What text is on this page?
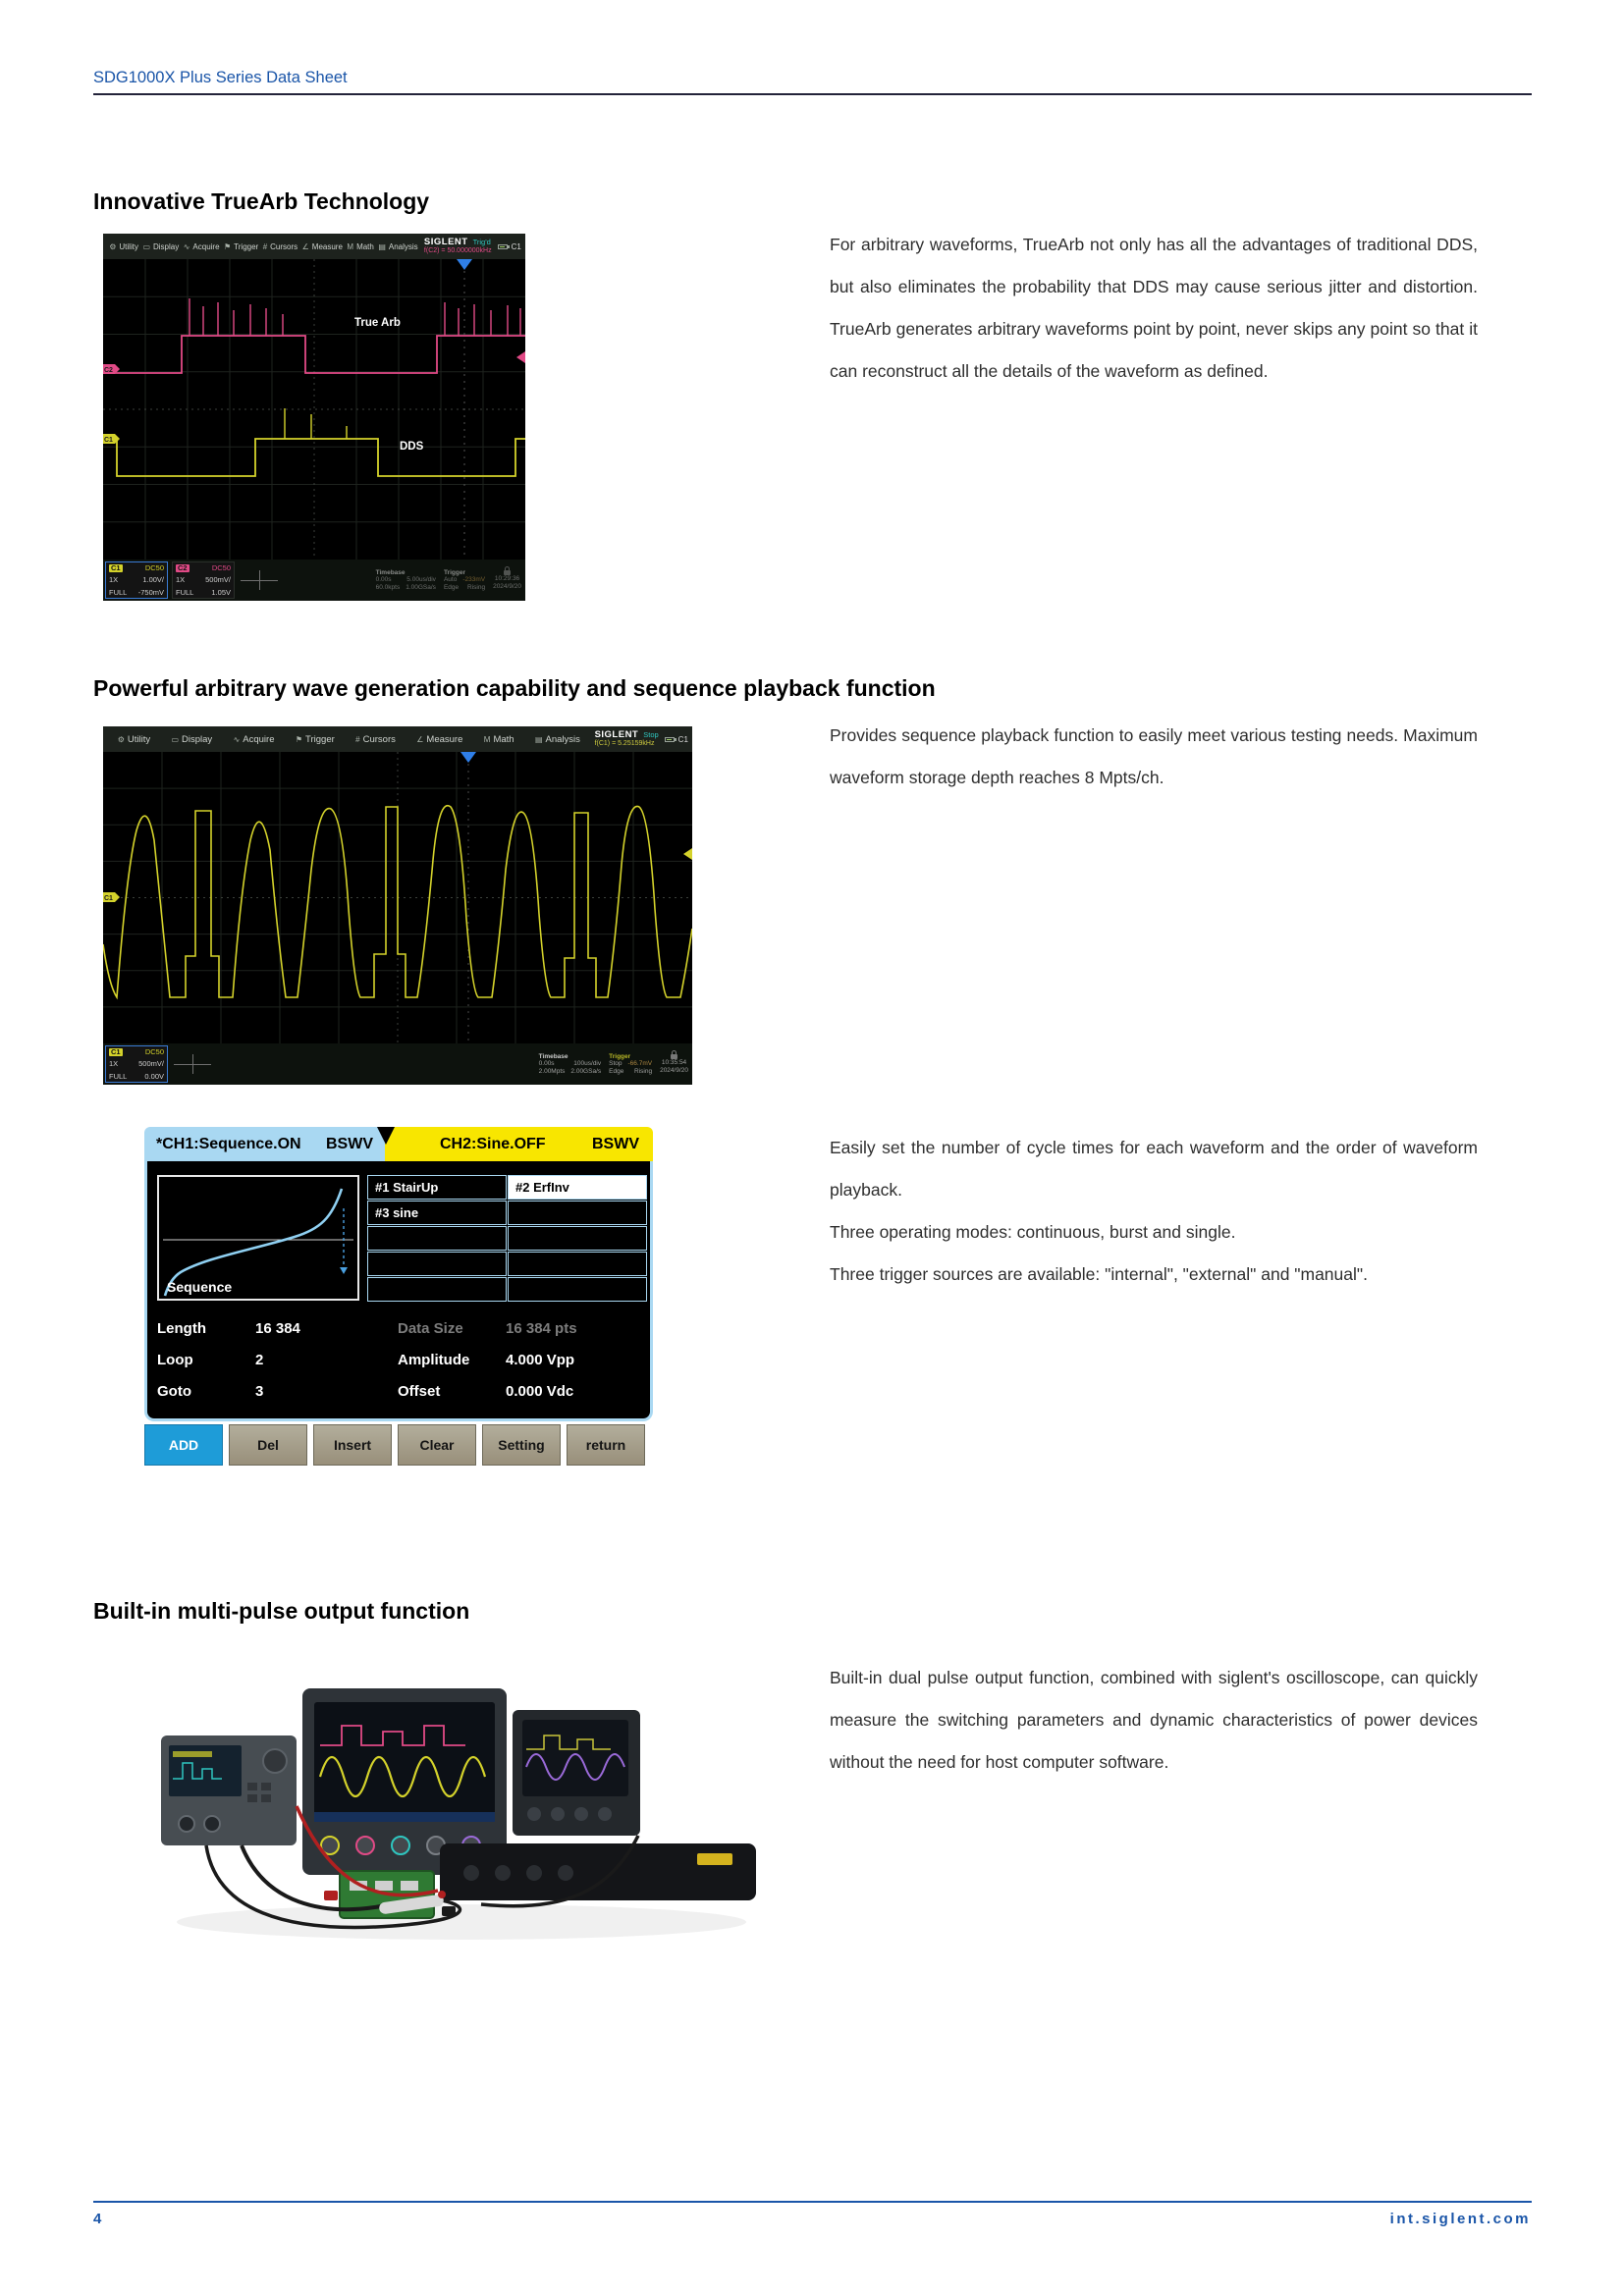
SDG1000X Plus Series Data Sheet
Innovative TrueArb Technology
⚙ Utility ▭ Display ∿ Acquire ⚑ Trigger # Cursors ∠ Measure M Math ▤ Analysis SIGLENT Trig'd
f(C2) = 50.000000kHz
C1
C2
C1
True Arb
DDS
C1	DC50
1X	1.00V/
FULL -750mV
C2	DC50
1X	500mV/
FULL 1.05V
Timebase
0.00s 5.00us/div
60.0kpts 1.00GSa/s
Trigger
Auto -233mV
Edge Rising
10:29:36
2024/9/20

For arbitrary waveforms, TrueArb not only has all the advantages of traditional DDS, but also eliminates the probability that DDS may cause serious jitter and distortion. TrueArb generates arbitrary waveforms point by point, never skips any point so that it can reconstruct all the details of the waveform as defined.

Powerful arbitrary wave generation capability and sequence playback function
⚙ Utility	▭ Display	∿ Acquire	⚑ Trigger	# Cursors	∠ Measure	M Math	▤ Analysis SIGLENT Stop
f(C1) = 5.25159kHz
C1
C1
C1	DC50
1X	500mV/
FULL 0.00V
Timebase
0.00s	100us/div
2.00Mpts 2.00GSa/s
Trigger
Stop -66.7mV
Edge Rising
10:35:54
2024/9/20

Provides sequence playback function to easily meet various testing needs. Maximum waveform storage depth reaches 8 Mpts/ch.

*CH1:Sequence.ON BSWV	CH2:Sine.OFF	BSWV
Sequence
#1 StairUp	#2 ErfInv
#3 sine
Length	16 384	Data Size	16 384 pts
Loop	2	Amplitude	4.000 Vpp
Goto	3	Offset	0.000 Vdc
ADD	Del	Insert	Clear	Setting	return

Easily set the number of cycle times for each waveform and the order of waveform playback.

Three operating modes: continuous, burst and single.

Three trigger sources are available: "internal", "external" and "manual".

Built-in multi-pulse output function

Built-in dual pulse output function, combined with siglent's oscilloscope, can quickly measure the switching parameters and dynamic characteristics of power devices without the need for host computer software.

4	int.siglent.com
